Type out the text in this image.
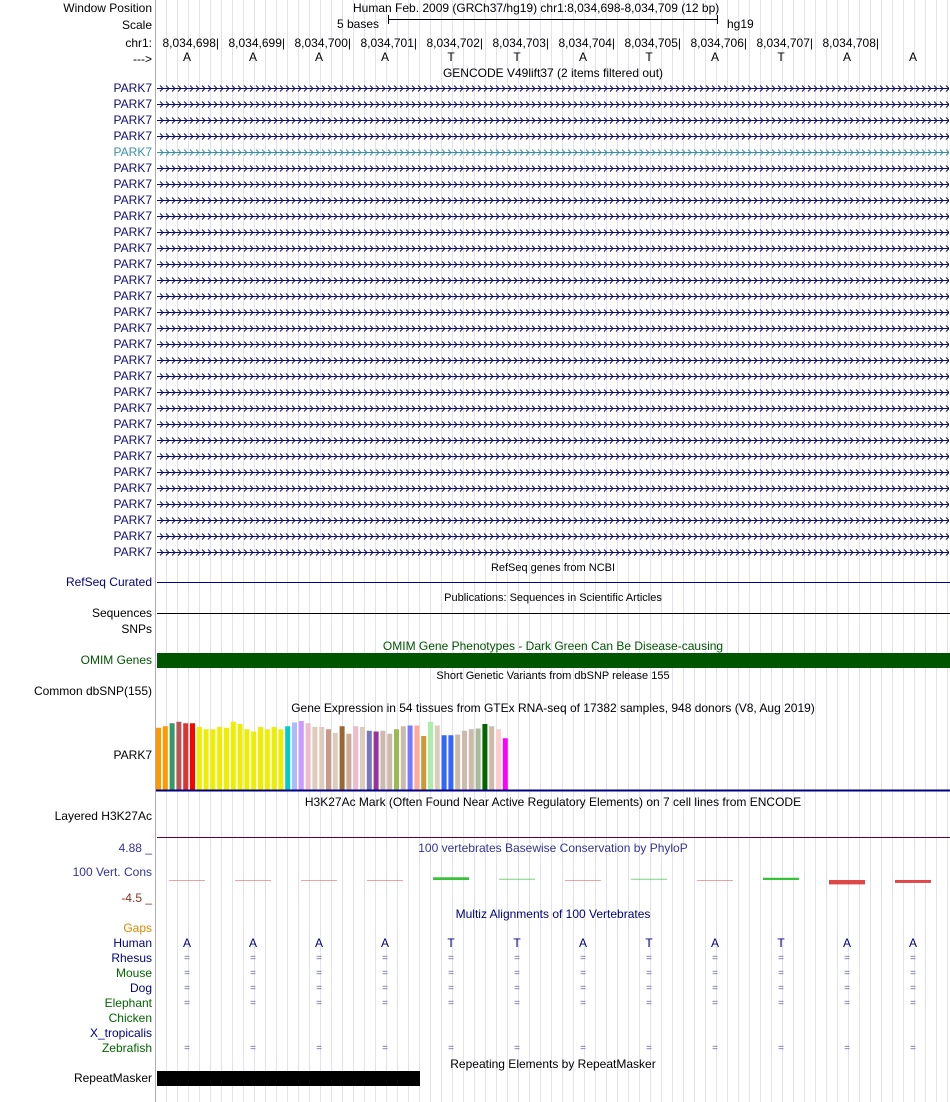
Window Position
Scale
chr1:
--->
Human Feb. 2009 (GRCh37/hg19) chr1:8,034,698-8,034,709 (12 bp)
5 bases	hg19
8,034,698| 8,034,699| 8,034,700| 8,034,701| 8,034,702| 8,034,703| 8,034,704| 8,034,705| 8,034,706| 8,034,707| 8,034,708|
A	A	A	A	T	T	A	T	A	T	A	A
GENCODE V49lift37 (2 items filtered out)
PARK7
PARK7
PARK7
PARK7
PARK7
PARK7
PARK7
PARK7
PARK7
PARK7
PARK7
PARK7
PARK7
PARK7
PARK7
PARK7
PARK7
PARK7
PARK7
PARK7
PARK7
PARK7
PARK7
PARK7
PARK7
PARK7
PARK7
PARK7
PARK7
PARK7
RefSeq genes from NCBI
RefSeq Curated
Publications: Sequences in Scientific Articles
Sequences
SNPs
OMIM Gene Phenotypes - Dark Green Can Be Disease-causing
OMIM Genes
Short Genetic Variants from dbSNP release 155
Common dbSNP(155)
Gene Expression in 54 tissues from GTEx RNA-seq of 17382 samples, 948 donors (V8, Aug 2019)
PARK7
H3K27Ac Mark (Often Found Near Active Regulatory Elements) on 7 cell lines from ENCODE
Layered H3K27Ac
100 vertebrates Basewise Conservation by PhyloP
4.88 _
100 Vert. Cons
-4.5 _
Multiz Alignments of 100 Vertebrates
Gaps
Human	A	A	A	A	T	T	A	T	A	T	A	A
Rhesus	=	=	=	=	=	=	=	=	=	=	=	=
Mouse	=	=	=	=	=	=	=	=	=	=	=	=
Dog	=	=	=	=	=	=	=	=	=	=	=	=
Elephant	=	=	=	=	=	=	=	=	=	=	=	=
Chicken
X_tropicalis
Zebrafish	=	=	=	=	=	=	=	=	=	=	=	=
Repeating Elements by RepeatMasker
RepeatMasker
